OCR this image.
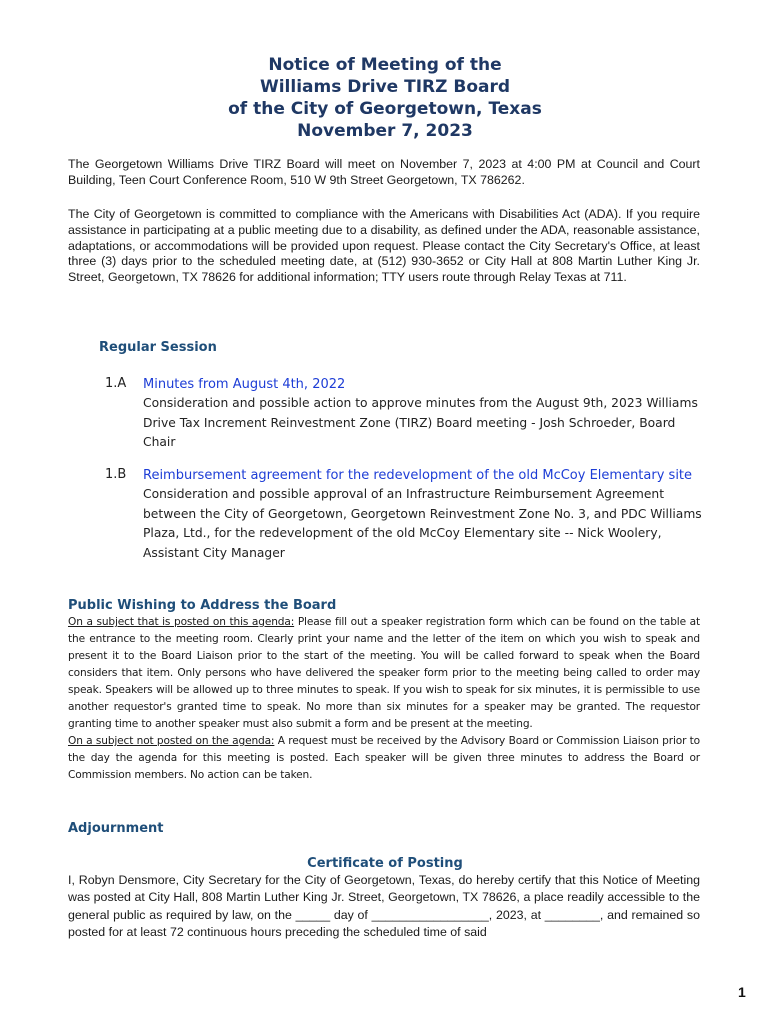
Notice of Meeting of the
Williams Drive TIRZ Board
of the City of Georgetown, Texas
November 7, 2023
The Georgetown Williams Drive TIRZ Board will meet on November 7, 2023 at 4:00 PM at Council and Court Building, Teen Court Conference Room, 510 W 9th Street Georgetown, TX 786262.
The City of Georgetown is committed to compliance with the Americans with Disabilities Act (ADA). If you require assistance in participating at a public meeting due to a disability, as defined under the ADA, reasonable assistance, adaptations, or accommodations will be provided upon request. Please contact the City Secretary's Office, at least three (3) days prior to the scheduled meeting date, at (512) 930-3652 or City Hall at 808 Martin Luther King Jr. Street, Georgetown, TX 78626 for additional information; TTY users route through Relay Texas at 711.
Regular Session
1.A Minutes from August 4th, 2022
Consideration and possible action to approve minutes from the August 9th, 2023 Williams Drive Tax Increment Reinvestment Zone (TIRZ) Board meeting - Josh Schroeder, Board Chair
1.B Reimbursement agreement for the redevelopment of the old McCoy Elementary site
Consideration and possible approval of an Infrastructure Reimbursement Agreement between the City of Georgetown, Georgetown Reinvestment Zone No. 3, and PDC Williams Plaza, Ltd., for the redevelopment of the old McCoy Elementary site -- Nick Woolery, Assistant City Manager
Public Wishing to Address the Board
On a subject that is posted on this agenda: Please fill out a speaker registration form which can be found on the table at the entrance to the meeting room. Clearly print your name and the letter of the item on which you wish to speak and present it to the Board Liaison prior to the start of the meeting. You will be called forward to speak when the Board considers that item. Only persons who have delivered the speaker form prior to the meeting being called to order may speak. Speakers will be allowed up to three minutes to speak. If you wish to speak for six minutes, it is permissible to use another requestor's granted time to speak. No more than six minutes for a speaker may be granted. The requestor granting time to another speaker must also submit a form and be present at the meeting.
On a subject not posted on the agenda: A request must be received by the Advisory Board or Commission Liaison prior to the day the agenda for this meeting is posted. Each speaker will be given three minutes to address the Board or Commission members. No action can be taken.
Adjournment
Certificate of Posting
I, Robyn Densmore, City Secretary for the City of Georgetown, Texas, do hereby certify that this Notice of Meeting was posted at City Hall, 808 Martin Luther King Jr. Street, Georgetown, TX 78626, a place readily accessible to the general public as required by law, on the _____ day of _________________, 2023, at ________, and remained so posted for at least 72 continuous hours preceding the scheduled time of said
1
